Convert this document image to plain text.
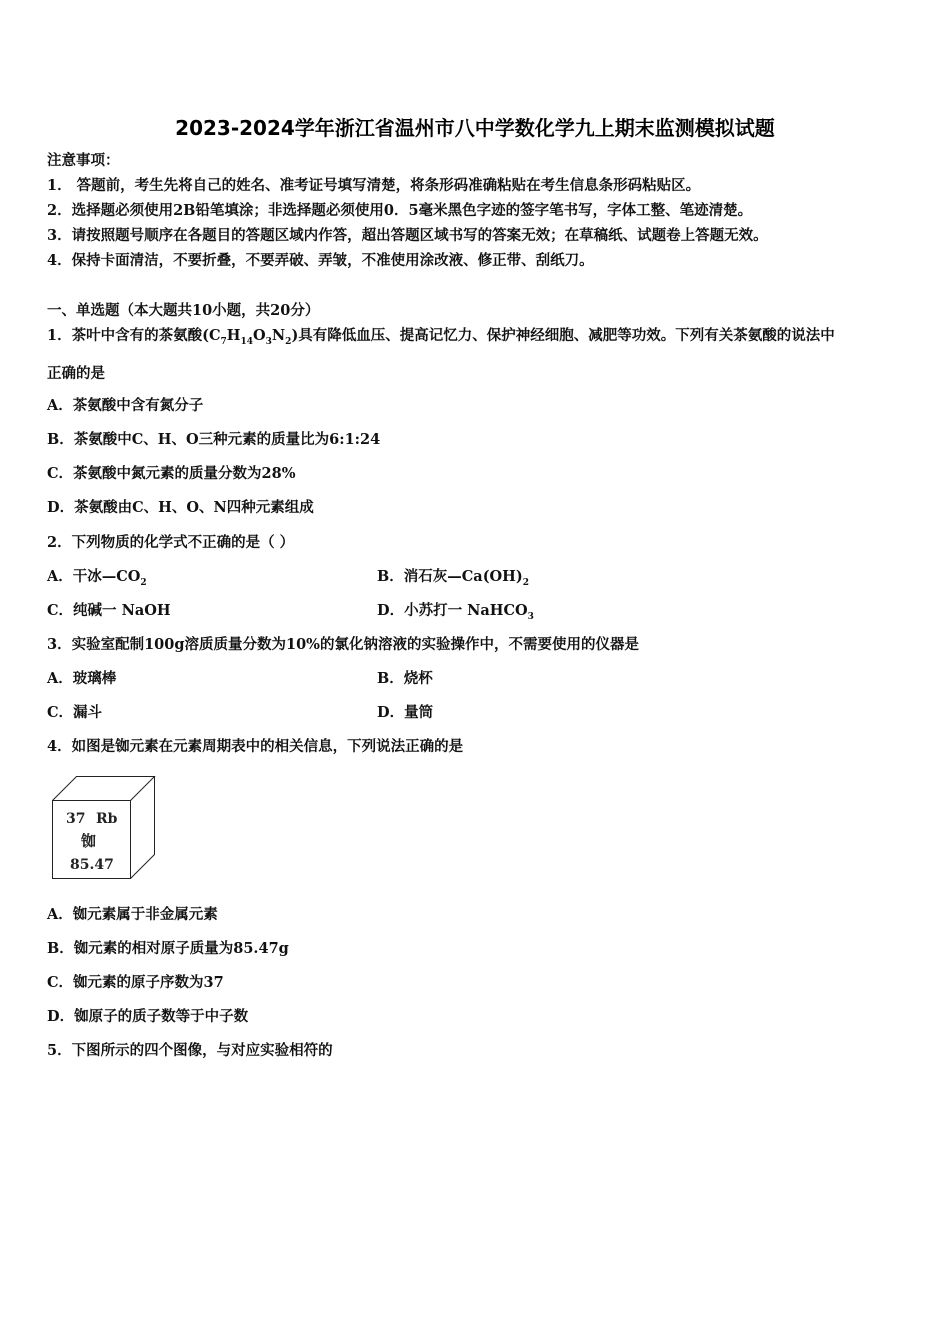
2023-2024学年浙江省温州市八中学数化学九上期末监测模拟试题
注意事项：
1． 答题前，考生先将自己的姓名、准考证号填写清楚，将条形码准确粘贴在考生信息条形码粘贴区。
2．选择题必须使用2B铅笔填涂；非选择题必须使用0．5毫米黑色字迹的签字笔书写，字体工整、笔迹清楚。
3．请按照题号顺序在各题目的答题区域内作答，超出答题区域书写的答案无效；在草稿纸、试题卷上答题无效。
4．保持卡面清洁，不要折叠，不要弄破、弄皱，不准使用涂改液、修正带、刮纸刀。
一、单选题（本大题共10小题，共20分）
1．茶叶中含有的茶氨酸$(C_7H_{14}O_3N_2)$具有降低血压、提高记忆力、保护神经细胞、减肥等功效。下列有关茶氨酸的说法中
正确的是
A．茶氨酸中含有氮分子
B．茶氨酸中C、H、O三种元素的质量比为6:1:24
C．茶氨酸中氮元素的质量分数为28%
D．茶氨酸由C、H、O、N四种元素组成
2．下列物质的化学式不正确的是（ ）
A．干冰$—CO_2$	B．消石灰$—Ca(OH)_2$
C．纯碱一 NaOH	D．小苏打一 NaHCO$_3$
3．实验室配制100g溶质质量分数为10%的氯化钠溶液的实验操作中，不需要使用的仪器是
A．玻璃棒	B．烧杯
C．漏斗	D．量筒
4．如图是铷元素在元素周期表中的相关信息，下列说法正确的是
37 Rb
铷
85.47
A．铷元素属于非金属元素
B．铷元素的相对原子质量为85.47g
C．铷元素的原子序数为37
D．铷原子的质子数等于中子数
5．下图所示的四个图像，与对应实验相符的
